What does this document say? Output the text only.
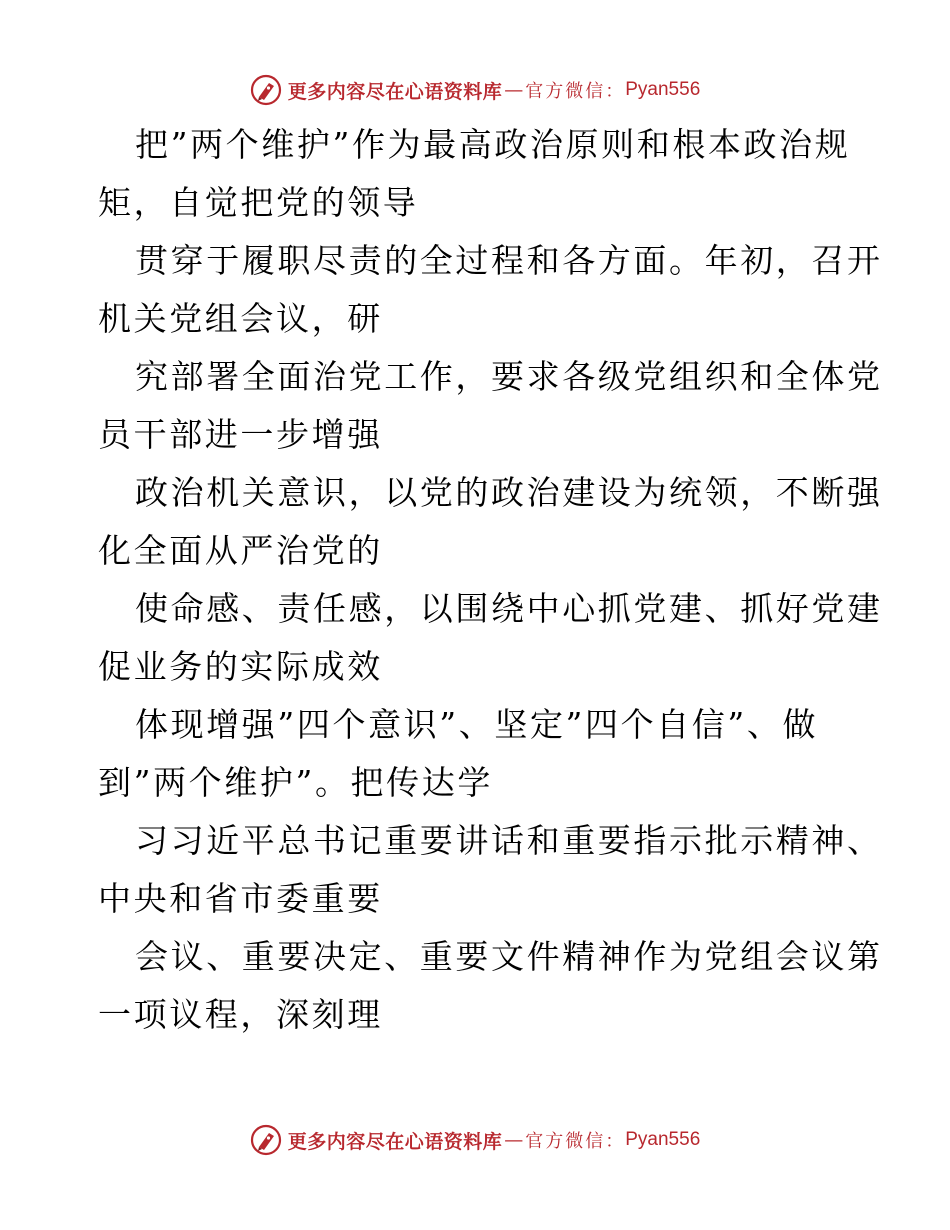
更多内容尽在心语资料库 — 官方微信： Pyan556
把”两个维护”作为最高政治原则和根本政治规
矩，自觉把党的领导
贯穿于履职尽责的全过程和各方面。年初，召开
机关党组会议，研
究部署全面治党工作，要求各级党组织和全体党
员干部进一步增强
政治机关意识，以党的政治建设为统领，不断强
化全面从严治党的
使命感、责任感，以围绕中心抓党建、抓好党建
促业务的实际成效
体现增强”四个意识”、坚定”四个自信”、做
到”两个维护”。把传达学
习习近平总书记重要讲话和重要指示批示精神、
中央和省市委重要
会议、重要决定、重要文件精神作为党组会议第
一项议程，深刻理
更多内容尽在心语资料库 — 官方微信： Pyan556
